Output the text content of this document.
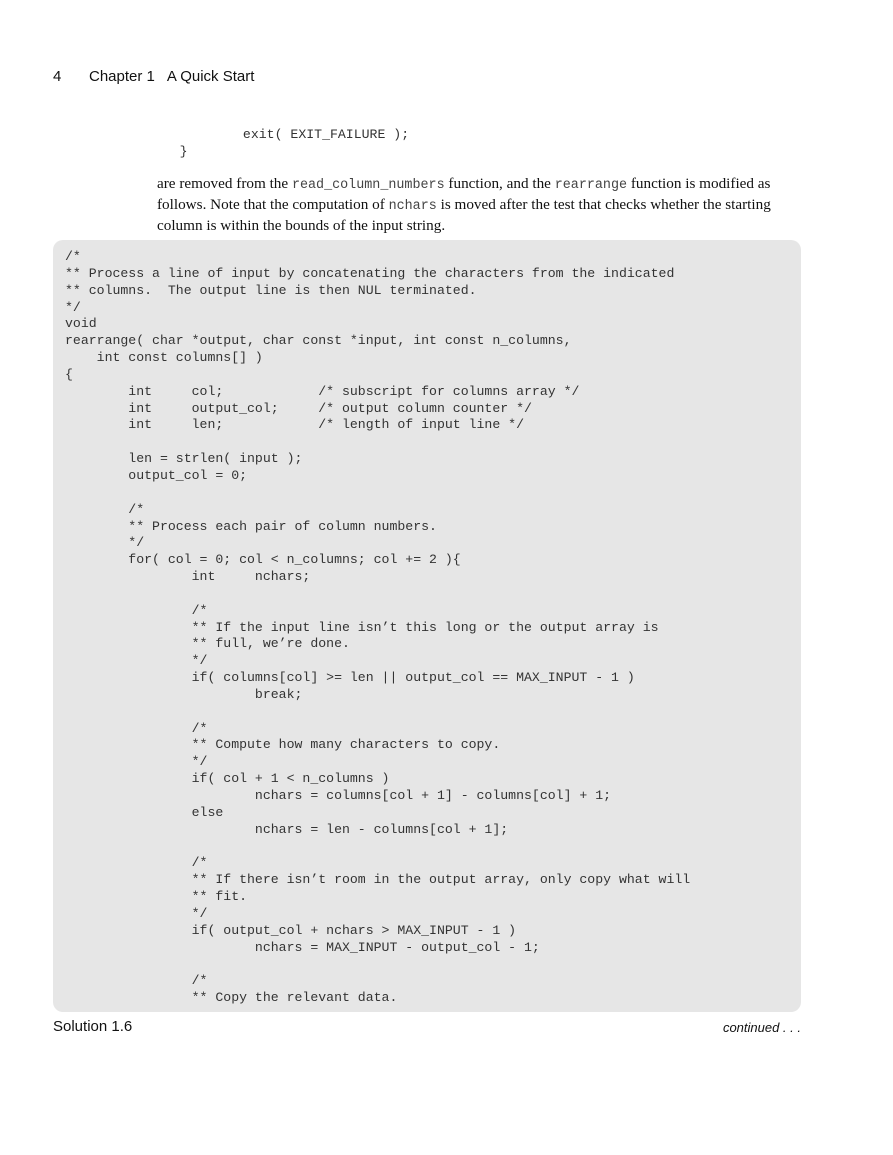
4 Chapter 1 A Quick Start
exit( EXIT_FAILURE );
}

are removed from the read_column_numbers function, and the rearrange function is modified as follows. Note that the computation of nchars is moved after the test that checks whether the starting column is within the bounds of the input string.

/*
** Process a line of input by concatenating the characters from the indicated
** columns.  The output line is then NUL terminated.
*/
void
rearrange( char *output, char const *input, int const n_columns,
int const columns[] )
{
int     col;            /* subscript for columns array */
int     output_col;     /* output column counter */
int     len;            /* length of input line */

len = strlen( input );
output_col = 0;

/*
** Process each pair of column numbers.
*/
for( col = 0; col < n_columns; col += 2 ){
int     nchars;

/*
** If the input line isn’t this long or the output array is
** full, we’re done.
*/
if( columns[col] >= len || output_col == MAX_INPUT - 1 )
break;

/*
** Compute how many characters to copy.
*/
if( col + 1 < n_columns )
nchars = columns[col + 1] - columns[col] + 1;
else
nchars = len - columns[col + 1];

/*
** If there isn’t room in the output array, only copy what will
** fit.
*/
if( output_col + nchars > MAX_INPUT - 1 )
nchars = MAX_INPUT - output_col - 1;

/*
** Copy the relevant data.
Solution 1.6	continued . . .
